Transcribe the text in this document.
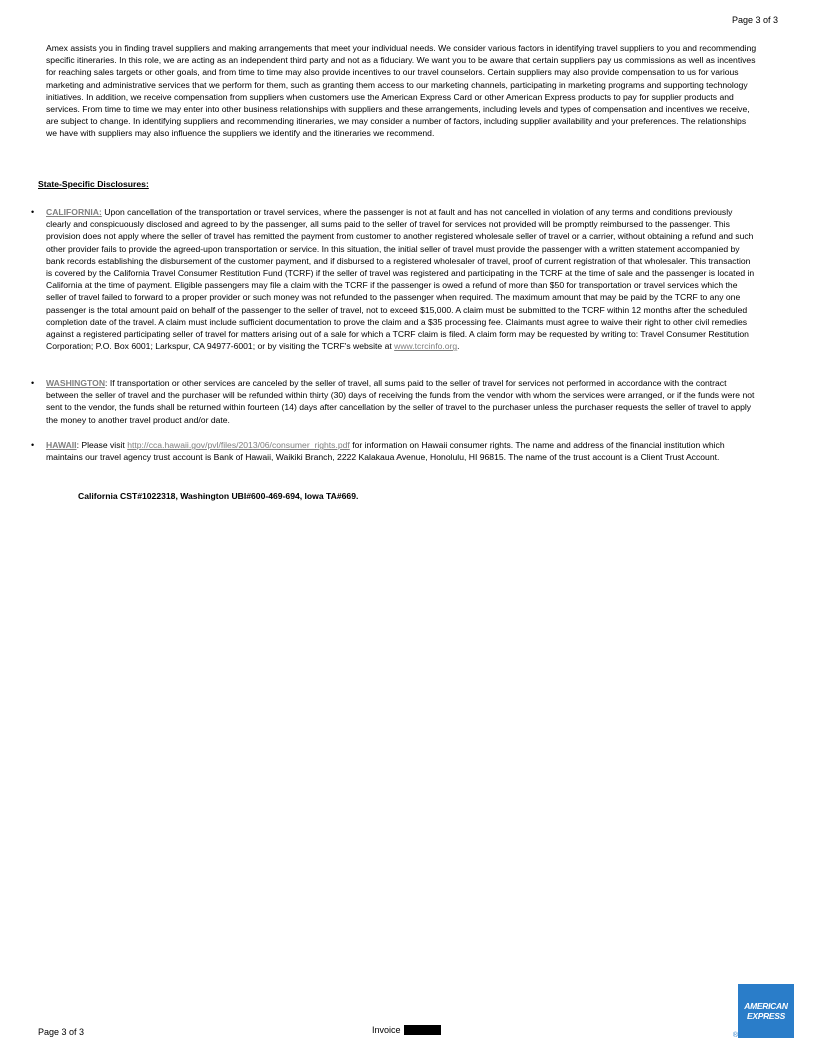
Page 3 of 3

Amex assists you in finding travel suppliers and making arrangements that meet your individual needs. We consider various factors in identifying travel suppliers to you and recommending specific itineraries. In this role, we are acting as an independent third party and not as a fiduciary. We want you to be aware that certain suppliers pay us commissions as well as incentives for reaching sales targets or other goals, and from time to time may also provide incentives to our travel counselors. Certain suppliers may also provide compensation to us for various marketing and administrative services that we perform for them, such as granting them access to our marketing channels, participating in marketing programs and supporting technology initiatives. In addition, we receive compensation from suppliers when customers use the American Express Card or other American Express products to pay for supplier products and services. From time to time we may enter into other business relationships with suppliers and these arrangements, including levels and types of compensation and incentives we receive, are subject to change. In identifying suppliers and recommending itineraries, we may consider a number of factors, including supplier availability and your preferences. The relationships we have with suppliers may also influence the suppliers we identify and the itineraries we recommend.

State-Specific Disclosures:

• CALIFORNIA: Upon cancellation of the transportation or travel services, where the passenger is not at fault and has not cancelled in violation of any terms and conditions previously clearly and conspicuously disclosed and agreed to by the passenger, all sums paid to the seller of travel for services not provided will be promptly reimbursed to the passenger. This provision does not apply where the seller of travel has remitted the payment from customer to another registered wholesale seller of travel or a carrier, without obtaining a refund and such other provider fails to provide the agreed-upon transportation or service. In this situation, the initial seller of travel must provide the passenger with a written statement accompanied by bank records establishing the disbursement of the customer payment, and if disbursed to a registered wholesaler of travel, proof of current registration of that wholesaler. This transaction is covered by the California Travel Consumer Restitution Fund (TCRF) if the seller of travel was registered and participating in the TCRF at the time of sale and the passenger is located in California at the time of payment. Eligible passengers may file a claim with the TCRF if the passenger is owed a refund of more than $50 for transportation or travel services which the seller of travel failed to forward to a proper provider or such money was not refunded to the passenger when required. The maximum amount that may be paid by the TCRF to any one passenger is the total amount paid on behalf of the passenger to the seller of travel, not to exceed $15,000. A claim must be submitted to the TCRF within 12 months after the scheduled completion date of the travel. A claim must include sufficient documentation to prove the claim and a $35 processing fee. Claimants must agree to waive their right to other civil remedies against a registered participating seller of travel for matters arising out of a sale for which a TCRF claim is filed. A claim form may be requested by writing to: Travel Consumer Restitution Corporation; P.O. Box 6001; Larkspur, CA 94977-6001; or by visiting the TCRF's website at www.tcrcinfo.org.

• WASHINGTON: If transportation or other services are canceled by the seller of travel, all sums paid to the seller of travel for services not performed in accordance with the contract between the seller of travel and the purchaser will be refunded within thirty (30) days of receiving the funds from the vendor with whom the services were arranged, or if the funds were not sent to the vendor, the funds shall be returned within fourteen (14) days after cancellation by the seller of travel to the purchaser unless the purchaser requests the seller of travel to apply the money to another travel product and/or date.

• HAWAII: Please visit http://cca.hawaii.gov/pvl/files/2013/06/consumer_rights.pdf for information on Hawaii consumer rights. The name and address of the financial institution which maintains our travel agency trust account is Bank of Hawaii, Waikiki Branch, 2222 Kalakaua Avenue, Honolulu, HI 96815. The name of the trust account is a Client Trust Account.

California CST#1022318, Washington UBI#600-469-694, Iowa TA#669.

Page 3 of 3	Invoice
AMERICAN
EXPRESS
®
